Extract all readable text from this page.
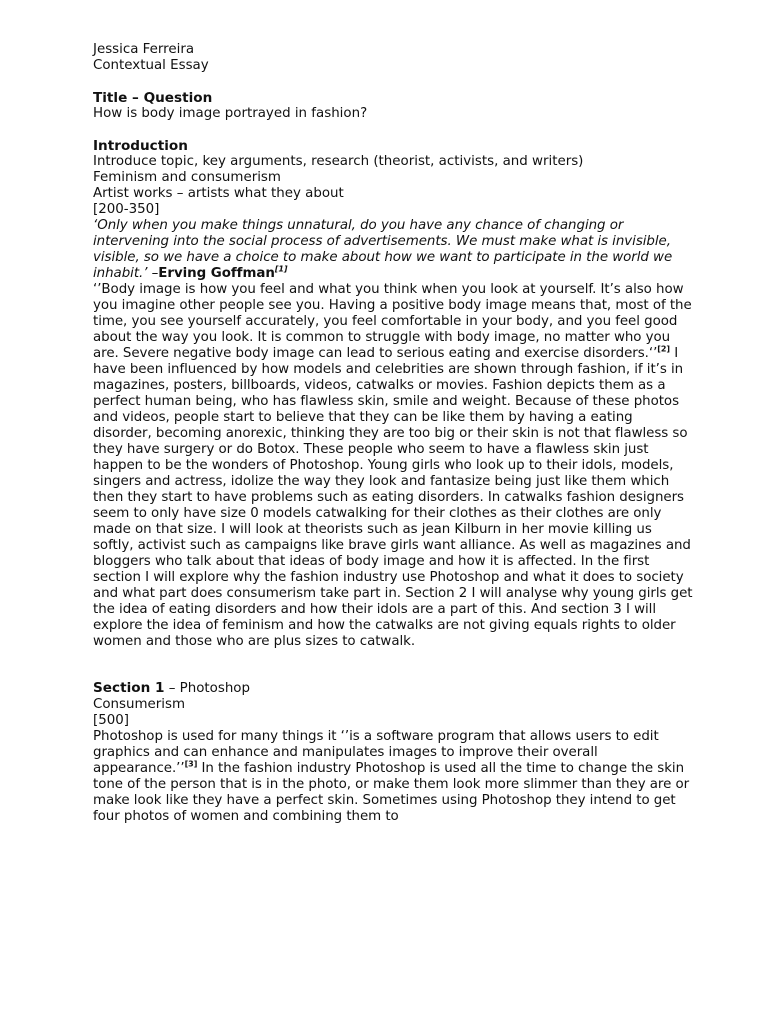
Jessica Ferreira
Contextual Essay
Title – Question
How is body image portrayed in fashion?
Introduction
Introduce topic, key arguments, research (theorist, activists, and writers)
Feminism and consumerism
Artist works – artists what they about
[200-350]

‘Only when you make things unnatural, do you have any chance of changing or intervening into the social process of advertisements. We must make what is invisible, visible, so we have a choice to make about how we want to participate in the world we inhabit.’ –Erving Goffman[1]

‘’Body image is how you feel and what you think when you look at yourself. It’s also how you imagine other people see you. Having a positive body image means that, most of the time, you see yourself accurately, you feel comfortable in your body, and you feel good about the way you look. It is common to struggle with body image, no matter who you are. Severe negative body image can lead to serious eating and exercise disorders.‘’[2] I have been influenced by how models and celebrities are shown through fashion, if it’s in magazines, posters, billboards, videos, catwalks or movies. Fashion depicts them as a perfect human being, who has flawless skin, smile and weight. Because of these photos and videos, people start to believe that they can be like them by having a eating disorder, becoming anorexic, thinking they are too big or their skin is not that flawless so they have surgery or do Botox. These people who seem to have a flawless skin just happen to be the wonders of Photoshop. Young girls who look up to their idols, models, singers and actress, idolize the way they look and fantasize being just like them which then they start to have problems such as eating disorders. In catwalks fashion designers seem to only have size 0 models catwalking for their clothes as their clothes are only made on that size. I will look at theorists such as jean Kilburn in her movie killing us softly, activist such as campaigns like brave girls want alliance. As well as magazines and bloggers who talk about that ideas of body image and how it is affected. In the first section I will explore why the fashion industry use Photoshop and what it does to society and what part does consumerism take part in. Section 2 I will analyse why young girls get the idea of eating disorders and how their idols are a part of this. And section 3 I will explore the idea of feminism and how the catwalks are not giving equals rights to older women and those who are plus sizes to catwalk.

Section 1 – Photoshop
Consumerism
[500]

Photoshop is used for many things it ‘’is a software program that allows users to edit graphics and can enhance and manipulates images to improve their overall appearance.’’[3] In the fashion industry Photoshop is used all the time to change the skin tone of the person that is in the photo, or make them look more slimmer than they are or make look like they have a perfect skin. Sometimes using Photoshop they intend to get four photos of women and combining them to
